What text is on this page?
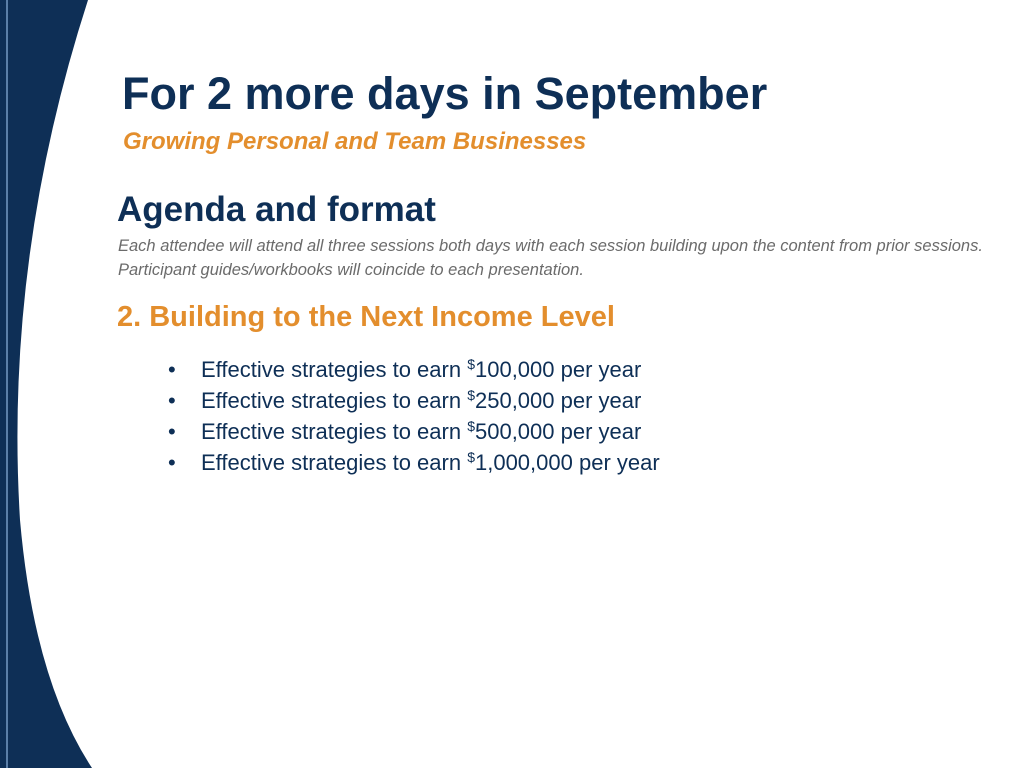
For 2 more days in September
Growing Personal and Team Businesses
Agenda and format

Each attendee will attend all three sessions both days with each session building upon the content from prior sessions. Participant guides/workbooks will coincide to each presentation.

2. Building to the Next Income Level
• Effective strategies to earn $100,000 per year
• Effective strategies to earn $250,000 per year
• Effective strategies to earn $500,000 per year
• Effective strategies to earn $1,000,000 per year
